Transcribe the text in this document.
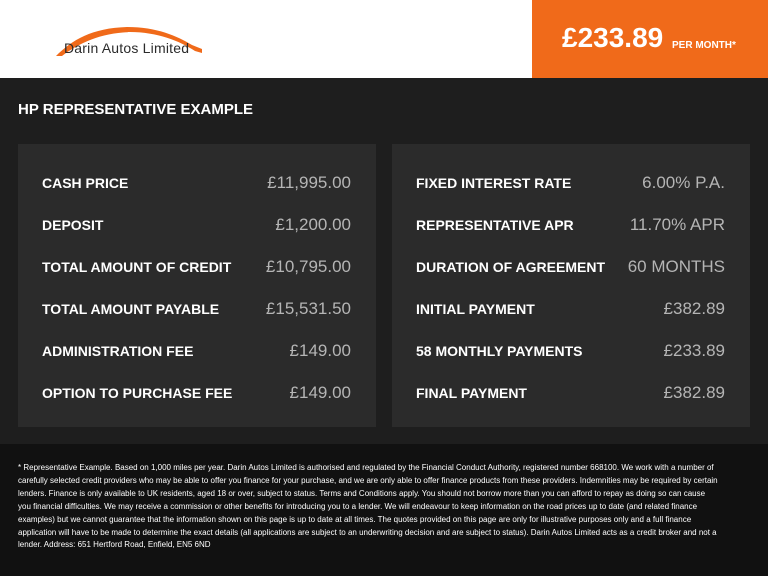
Darin Autos Limited	£233.89 PER MONTH*
HP REPRESENTATIVE EXAMPLE
CASH PRICE	£11,995.00
DEPOSIT	£1,200.00
TOTAL AMOUNT OF CREDIT £10,795.00
TOTAL AMOUNT PAYABLE	£15,531.50
ADMINISTRATION FEE	£149.00
OPTION TO PURCHASE FEE	£149.00
FIXED INTEREST RATE	6.00% P.A.
REPRESENTATIVE APR	11.70% APR
DURATION OF AGREEMENT 60 MONTHS
INITIAL PAYMENT	£382.89
58 MONTHLY PAYMENTS	£233.89
FINAL PAYMENT	£382.89
* Representative Example. Based on 1,000 miles per year. Darin Autos Limited is authorised and regulated by the Financial Conduct Authority, registered number 668100. We work with a number of carefully selected credit providers who may be able to offer you finance for your purchase, and we are only able to offer finance products from these providers. Indemnities may be required by certain lenders. Finance is only available to UK residents, aged 18 or over, subject to status. Terms and Conditions apply. You should not borrow more than you can afford to repay as doing so can cause you financial difficulties. We may receive a commission or other benefits for introducing you to a lender. We will endeavour to keep information on the road prices up to date (and related finance examples) but we cannot guarantee that the information shown on this page is up to date at all times. The quotes provided on this page are only for illustrative purposes only and a full finance application will have to be made to determine the exact details (all applications are subject to an underwriting decision and are subject to status). Darin Autos Limited acts as a credit broker and not a lender. Address: 651 Hertford Road, Enfield, EN5 6ND
